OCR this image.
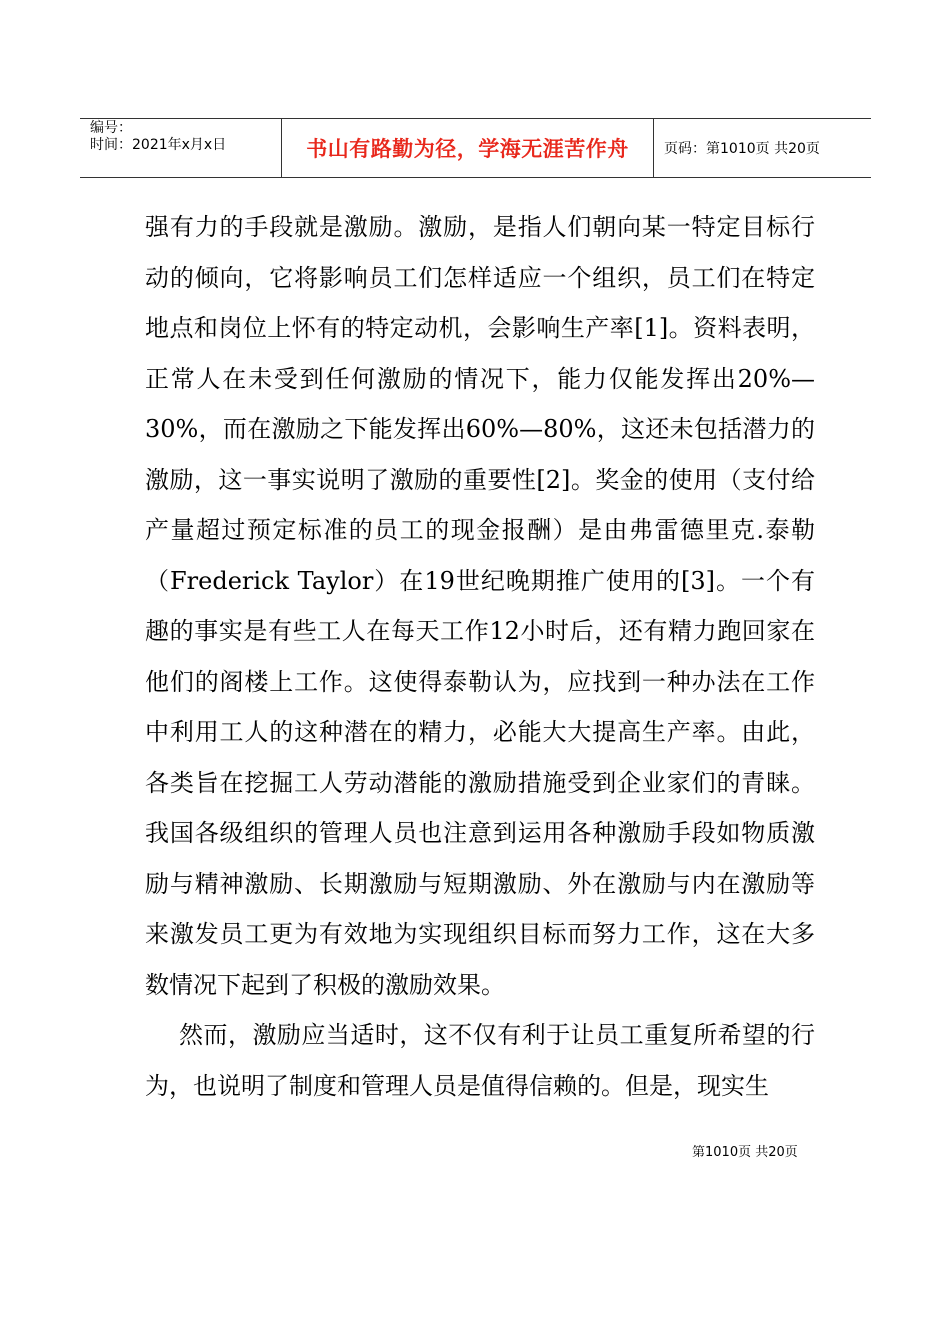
编号：
时间：2021年x月x日	书山有路勤为径，学海无涯苦作舟	页码：第1010页 共20页

强有力的手段就是激励。激励，是指人们朝向某一特定目标行动的倾向，它将影响员工们怎样适应一个组织，员工们在特定地点和岗位上怀有的特定动机，会影响生产率[1]。资料表明，正常人在未受到任何激励的情况下，能力仅能发挥出20%—30%，而在激励之下能发挥出60%—80%，这还未包括潜力的激励，这一事实说明了激励的重要性[2]。奖金的使用（支付给产量超过预定标准的员工的现金报酬）是由弗雷德里克.泰勒（Frederick Taylor）在19世纪晚期推广使用的[3]。一个有趣的事实是有些工人在每天工作12小时后，还有精力跑回家在他们的阁楼上工作。这使得泰勒认为，应找到一种办法在工作中利用工人的这种潜在的精力，必能大大提高生产率。由此，各类旨在挖掘工人劳动潜能的激励措施受到企业家们的青睐。我国各级组织的管理人员也注意到运用各种激励手段如物质激励与精神激励、长期激励与短期激励、外在激励与内在激励等来激发员工更为有效地为实现组织目标而努力工作，这在大多数情况下起到了积极的激励效果。

然而，激励应当适时，这不仅有利于让员工重复所希望的行为，也说明了制度和管理人员是值得信赖的。但是，现实生

第1010页 共20页
